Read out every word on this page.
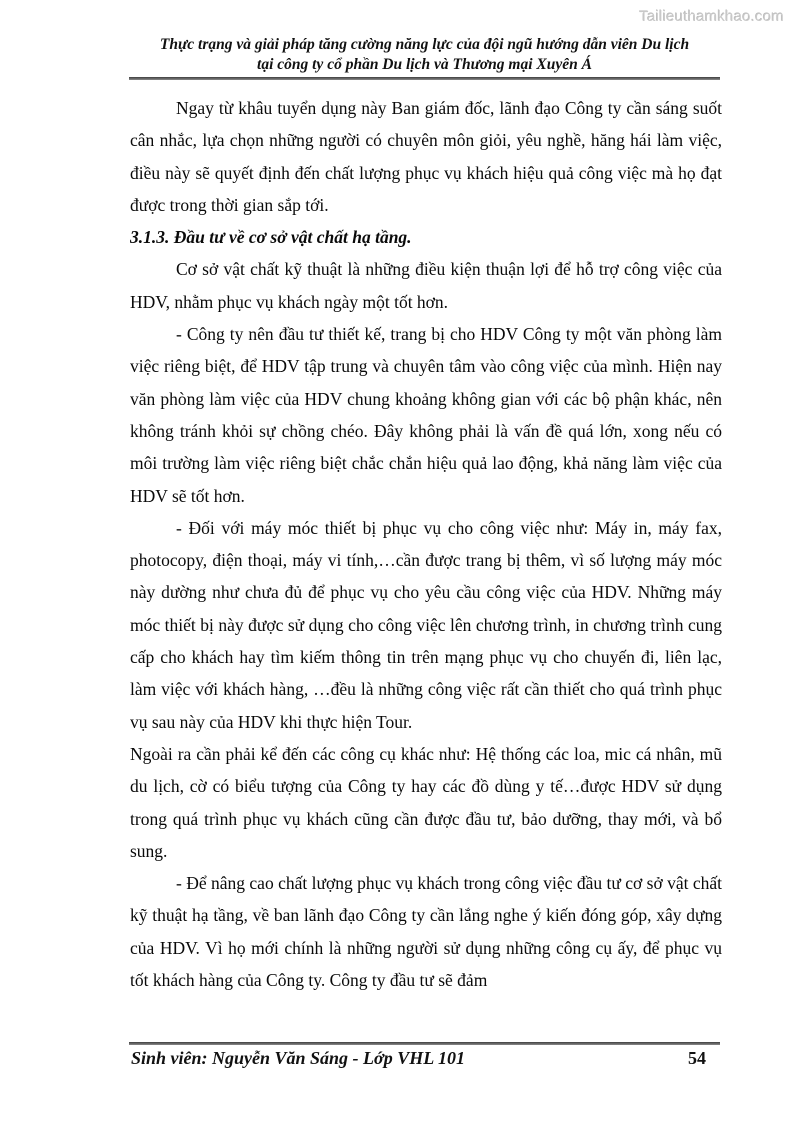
Tailieuthamkhao.com
Thực trạng và giải pháp tăng cường năng lực của đội ngũ hướng dẫn viên Du lịch
tại công ty cổ phần Du lịch và Thương mại Xuyên Á

Ngay từ khâu tuyển dụng này Ban giám đốc, lãnh đạo Công ty cần sáng suốt cân nhắc, lựa chọn những người có chuyên môn giỏi, yêu nghề, hăng hái làm việc, điều này sẽ quyết định đến chất lượng phục vụ khách hiệu quả công việc mà họ đạt được trong thời gian sắp tới.

3.1.3. Đầu tư về cơ sở vật chất hạ tầng.

Cơ sở vật chất kỹ thuật là những điều kiện thuận lợi để hỗ trợ công việc của HDV, nhằm phục vụ khách ngày một tốt hơn.

- Công ty nên đầu tư thiết kế, trang bị cho HDV Công ty một văn phòng làm việc riêng biệt, để HDV tập trung và chuyên tâm vào công việc của mình. Hiện nay văn phòng làm việc của HDV chung khoảng không gian với các bộ phận khác, nên không tránh khỏi sự chồng chéo. Đây không phải là vấn đề quá lớn, xong nếu có môi trường làm việc riêng biệt chắc chắn hiệu quả lao động, khả năng làm việc của HDV sẽ tốt hơn.

- Đối với máy móc thiết bị phục vụ cho công việc như: Máy in, máy fax, photocopy, điện thoại, máy vi tính,…cần được trang bị thêm, vì số lượng máy móc này dường như chưa đủ để phục vụ cho yêu cầu công việc của HDV. Những máy móc thiết bị này được sử dụng cho công việc lên chương trình, in chương trình cung cấp cho khách hay tìm kiếm thông tin trên mạng phục vụ cho chuyến đi, liên lạc, làm việc với khách hàng, …đều là những công việc rất cần thiết cho quá trình phục vụ sau này của HDV khi thực hiện Tour.

Ngoài ra cần phải kể đến các công cụ khác như: Hệ thống các loa, mic cá nhân, mũ du lịch, cờ có biểu tượng của Công ty hay các đồ dùng y tế…được HDV sử dụng trong quá trình phục vụ khách cũng cần được đầu tư, bảo dưỡng, thay mới, và bổ sung.

- Để nâng cao chất lượng phục vụ khách trong công việc đầu tư cơ sở vật chất kỹ thuật hạ tầng, về ban lãnh đạo Công ty cần lắng nghe ý kiến đóng góp, xây dựng của HDV. Vì họ mới chính là những người sử dụng những công cụ ấy, để phục vụ tốt khách hàng của Công ty. Công ty đầu tư sẽ đảm

Sinh viên: Nguyễn Văn Sáng - Lớp VHL 101	54
